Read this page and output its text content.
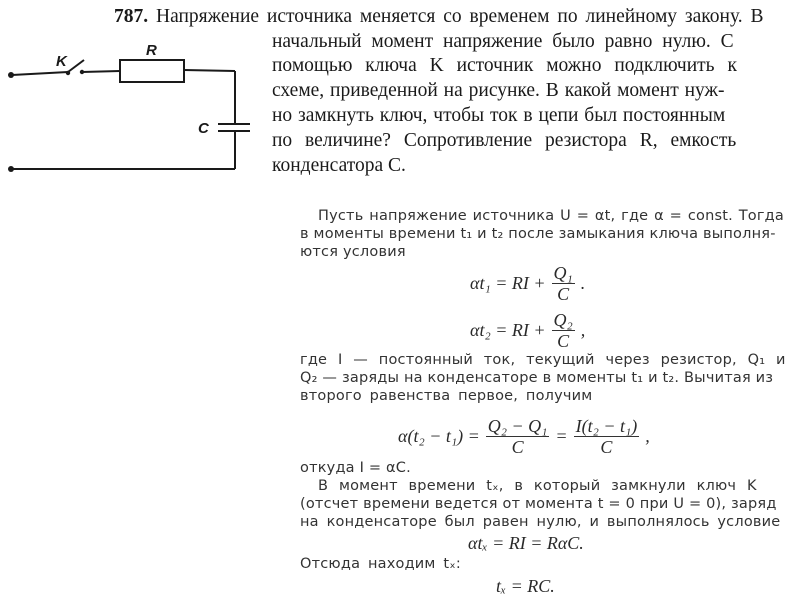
787. Напряжение источника меняется со временем по линейному закону. В
начальный момент напряжение было равно нулю. С
помощью ключа K источник можно подключить к
схеме, приведенной на рисунке. В какой момент нуж-
но замкнуть ключ, чтобы ток в цепи был постоянным
по величине? Сопротивление резистора R, емкость
конденсатора C.
K
R
C
Пусть напряжение источника U = αt, где α = const. Тогда
в моменты времени t₁ и t₂ после замыкания ключа выполня-
ются условия
αt₁ = RI + $\frac{\text{Q₁}}{C}$ .
αt₂ = RI + $\frac{\text{Q₂}}{C}$ ,
где I — постоянный ток, текущий через резистор, Q₁ и
Q₂ — заряды на конденсаторе в моменты t₁ и t₂. Вычитая из
второго равенства первое, получим
$\alpha(t_2 - t_1) = \frac{\text{Q₂ − Q₁}}{C} = \frac{\text{I(t₂ − t₁)}}{C}$ ,
откуда I = αC.
В момент времени tₓ, в который замкнули ключ K
(отсчет времени ведется от момента t = 0 при U = 0), заряд
на конденсаторе был равен нулю, и выполнялось условие
αtₓ = RI = RαC.
Отсюда находим tₓ:
tₓ = RC.
